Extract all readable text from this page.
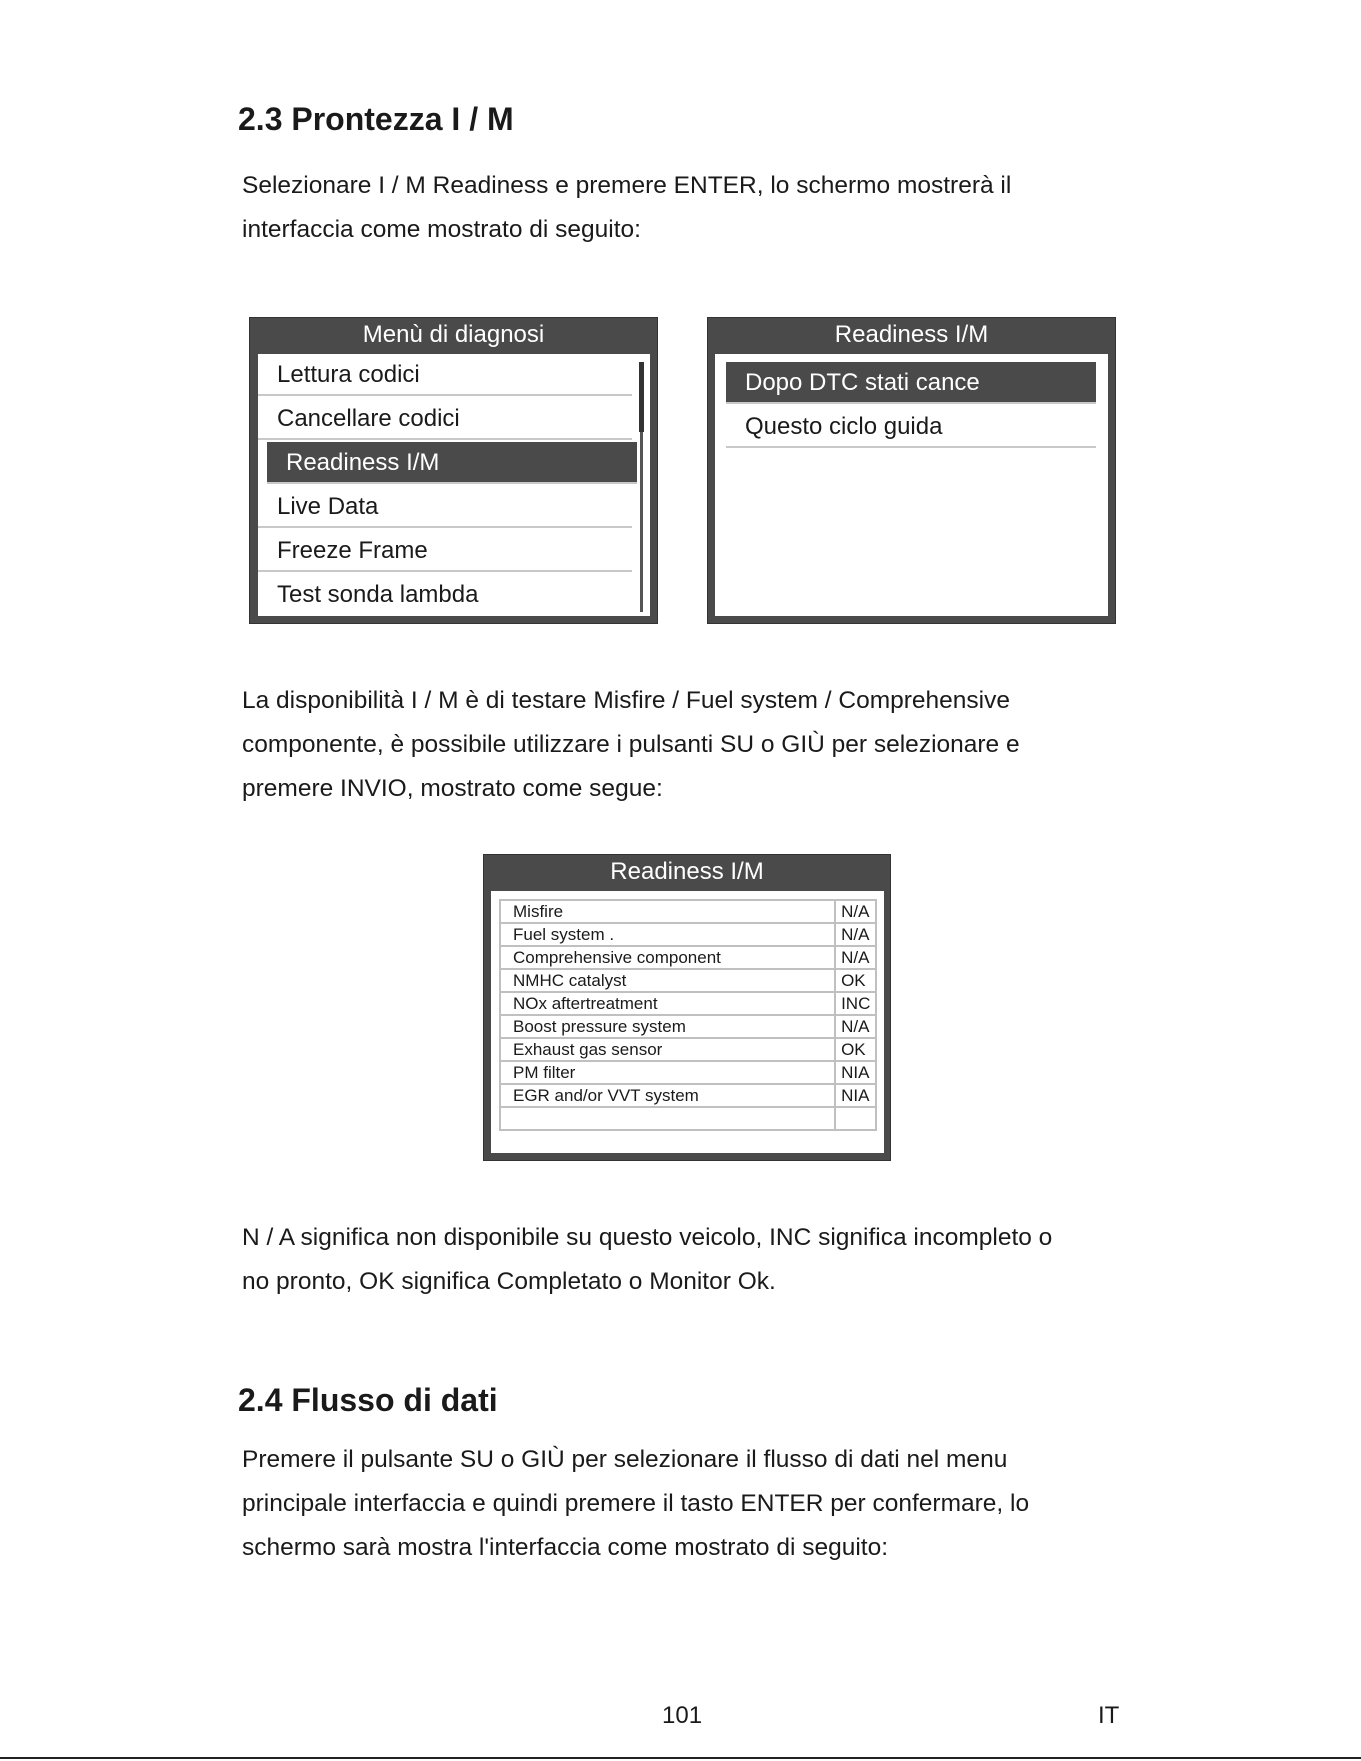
2.3 Prontezza I / M

Selezionare I / M Readiness e premere ENTER, lo schermo mostrerà il

interfaccia come mostrato di seguito:

Menù di diagnosi
Lettura codici
Cancellare codici
Readiness I/M
Live Data
Freeze Frame
Test sonda lambda
Readiness I/M
Dopo DTC stati cance
Questo ciclo guida

La disponibilità I / M è di testare Misfire / Fuel system / Comprehensive

componente, è possibile utilizzare i pulsanti SU o GIÙ per selezionare e

premere INVIO, mostrato come segue:

Readiness I/M
Misfire	N/A
Fuel system .	N/A
Comprehensive component	N/A
NMHC catalyst	OK
NOx aftertreatment	INC
Boost pressure system	N/A
Exhaust gas sensor	OK
PM filter	NIA
EGR and/or VVT system	NIA

N / A significa non disponibile su questo veicolo, INC significa incompleto o

no pronto, OK significa Completato o Monitor Ok.

2.4 Flusso di dati

Premere il pulsante SU o GIÙ per selezionare il flusso di dati nel menu

principale interfaccia e quindi premere il tasto ENTER per confermare, lo

schermo sarà mostra l'interfaccia come mostrato di seguito:

101	IT
